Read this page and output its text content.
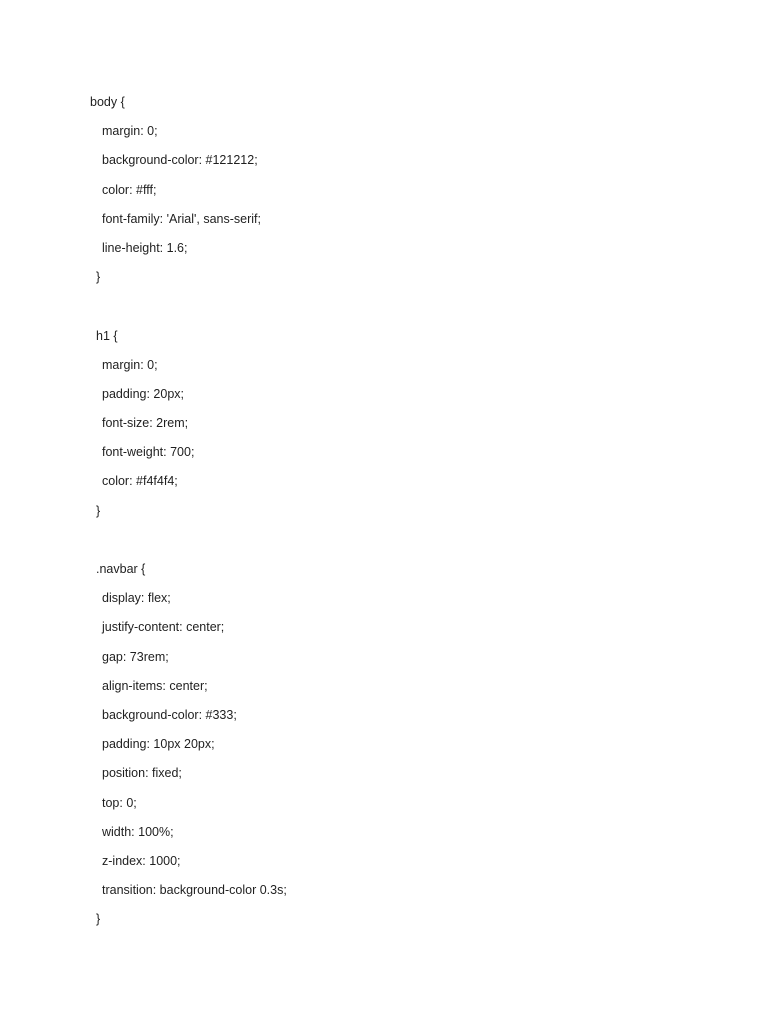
body {
margin: 0;
background-color: #121212;
color: #fff;
font-family: 'Arial', sans-serif;
line-height: 1.6;
}
h1 {
margin: 0;
padding: 20px;
font-size: 2rem;
font-weight: 700;
color: #f4f4f4;
}
.navbar {
display: flex;
justify-content: center;
gap: 73rem;
align-items: center;
background-color: #333;
padding: 10px 20px;
position: fixed;
top: 0;
width: 100%;
z-index: 1000;
transition: background-color 0.3s;
}
